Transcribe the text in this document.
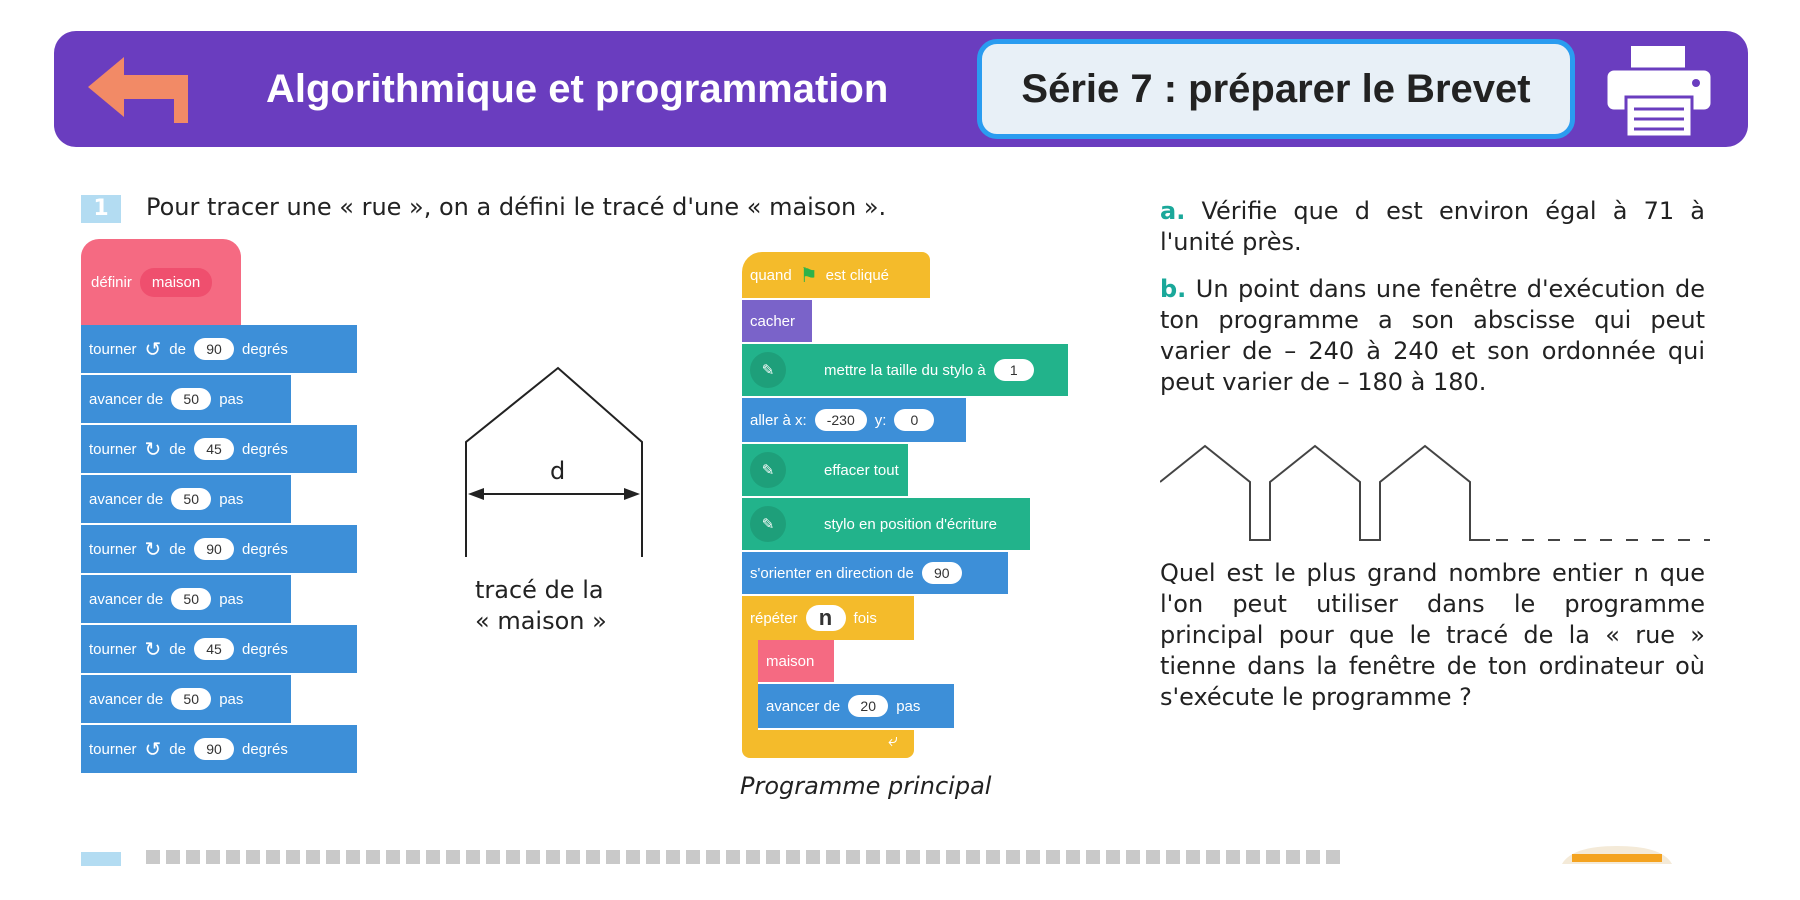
Algorithmique et programmation	Série 7 : préparer le Brevet
1	Pour tracer une « rue », on a défini le tracé d'une « maison ».
définir	maison
tourner ↺ de	90	degrés
avancer de	50	pas
tourner ↻ de	45	degrés
avancer de	50	pas
tourner ↻ de	90	degrés
avancer de	50	pas
tourner ↻ de	45	degrés
avancer de	50	pas
tourner ↺ de	90	degrés
d
tracé de la
« maison »
quand ⚑ est cliqué
cacher
✎	mettre la taille du stylo à	1
aller à x:	-230	y:	0
✎	effacer tout
✎	stylo en position d'écriture
s'orienter en direction de	90
répéter n	fois
maison
avancer de	20	pas
⤶
Programme principal
a. Vérifie que d est environ égal à 71 à l'unité près.
b. Un point dans une fenêtre d'exécution de ton programme a son abscisse qui peut varier de – 240 à 240 et son ordonnée qui peut varier de – 180 à 180.
Quel est le plus grand nombre entier n que l'on peut utiliser dans le programme principal pour que le tracé de la « rue » tienne dans la fenêtre de ton ordinateur où s'exécute le programme ?
